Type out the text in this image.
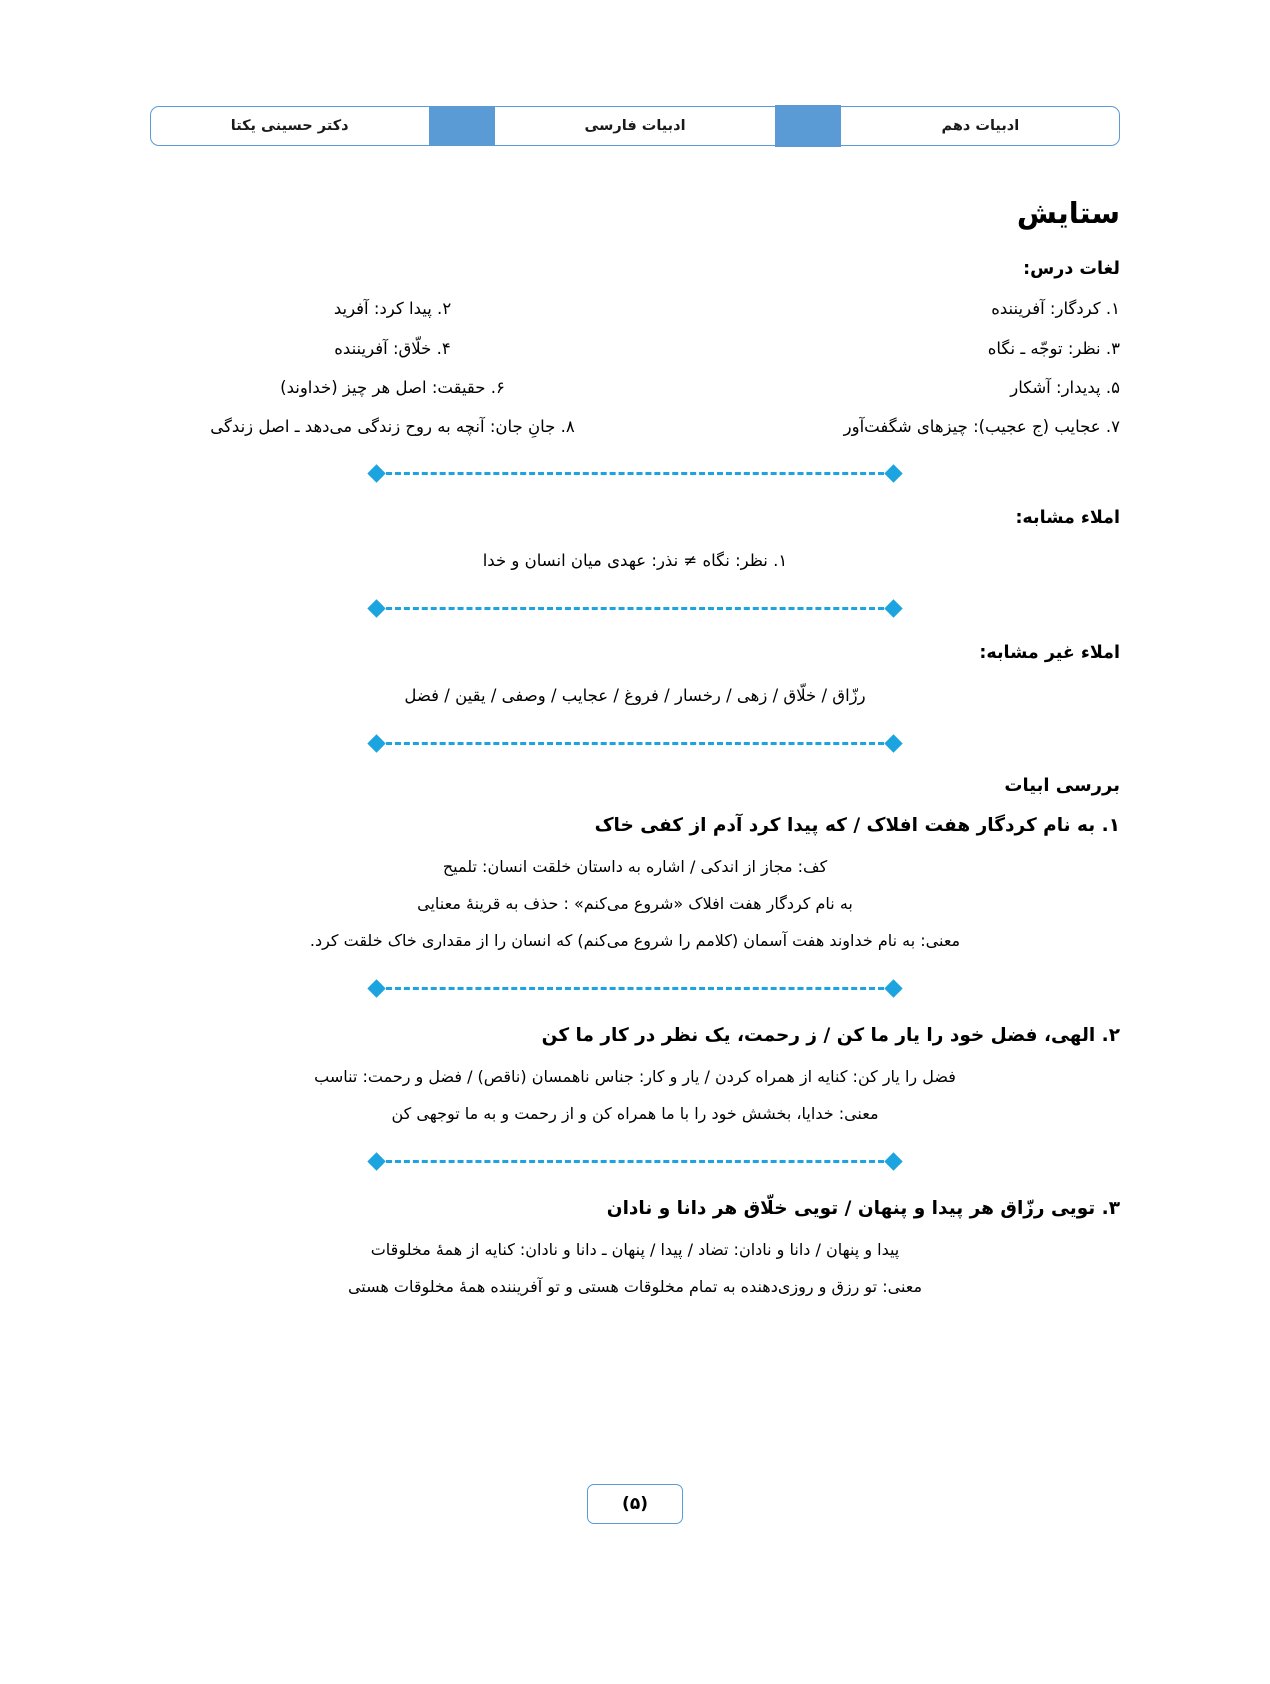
ادبیات دهم
ادبیات فارسی
دکتر حسینی یکتا
ستایش
لغات درس:
۱. کردگار: آفریننده
۲. پیدا کرد: آفرید
۳. نظر: توجّه ـ نگاه
۴. خلّاق: آفریننده
۵. پدیدار: آشکار
۶. حقیقت: اصل هر چیز (خداوند)
۷. عجایب (ج عجیب): چیزهای شگفت‌آور
۸. جانِ جان: آنچه به روح زندگی می‌دهد ـ اصل زندگی
املاء مشابه:
۱. نظر: نگاه ≠ نذر: عهدی میان انسان و خدا
املاء غیر مشابه:
رزّاق / خلّاق / زهی / رخسار / فروغ / عجایب / وصفی / یقین / فضل
بررسی ابیات
۱. به نام کردگار هفت افلاک / که پیدا کرد آدم از کفی خاک
کف: مجاز از اندکی / اشاره به داستان خلقت انسان: تلمیح
به نام کردگار هفت افلاک «شروع می‌کنم» : حذف به قرینهٔ معنایی
معنی: به نام خداوند هفت آسمان (کلامم را شروع می‌کنم) که انسان را از مقداری خاک خلقت کرد.
۲. الهی، فضل خود را یار ما کن / ز رحمت، یک نظر در کار ما کن
فضل را یار کن: کنایه از همراه کردن / یار و کار: جناس ناهمسان (ناقص) / فضل و رحمت: تناسب
معنی: خدایا، بخشش خود را با ما همراه کن و از رحمت و به ما توجهی کن
۳. تویی رزّاق هر پیدا و پنهان / تویی خلّاق هر دانا و نادان
پیدا و پنهان / دانا و نادان: تضاد / پیدا / پنهان ـ دانا و نادان: کنایه از همهٔ مخلوقات
معنی: تو رزق و روزی‌دهنده به تمام مخلوقات هستی و تو آفریننده همهٔ مخلوقات هستی
(۵)
